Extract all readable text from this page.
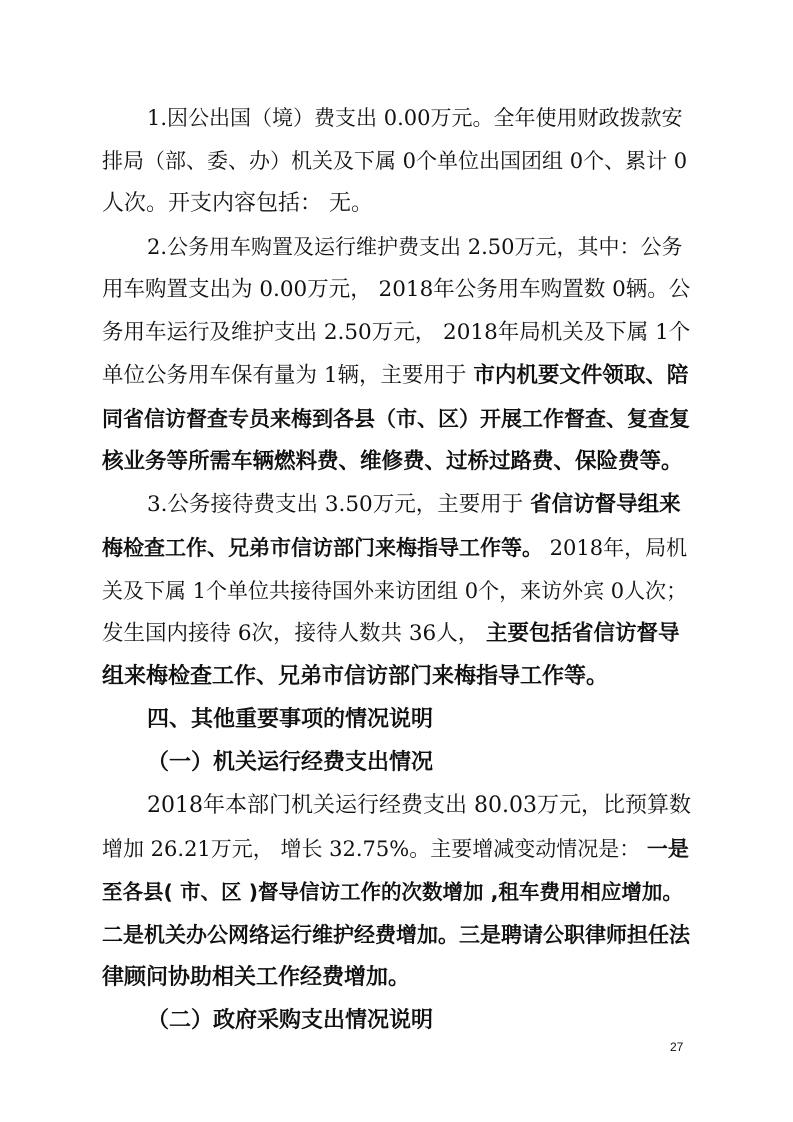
1.因公出国（境）费支出 0.00万元。全年使用财政拨款安
排局（部、委、办）机关及下属 0个单位出国团组 0个、累计 0
人次。开支内容包括： 无。
2.公务用车购置及运行维护费支出 2.50万元，其中：公务
用车购置支出为 0.00万元， 2018年公务用车购置数 0辆。公
务用车运行及维护支出 2.50万元， 2018年局机关及下属 1个
单位公务用车保有量为 1辆，主要用于 市内机要文件领取、陪
同省信访督查专员来梅到各县（市、区）开展工作督查、复查复
核业务等所需车辆燃料费、维修费、过桥过路费、保险费等。
3.公务接待费支出 3.50万元，主要用于 省信访督导组来
梅检查工作、兄弟市信访部门来梅指导工作等。 2018年，局机
关及下属 1个单位共接待国外来访团组 0个，来访外宾 0人次；
发生国内接待 6次，接待人数共 36人， 主要包括省信访督导
组来梅检查工作、兄弟市信访部门来梅指导工作等。
四、其他重要事项的情况说明
（一）机关运行经费支出情况
2018年本部门机关运行经费支出 80.03万元，比预算数
增加 26.21万元， 增长 32.75%。主要增减变动情况是： 一是
至各县( 市、区 )督导信访工作的次数增加 ,租车费用相应增加。
二是机关办公网络运行维护经费增加。三是聘请公职律师担任法
律顾问协助相关工作经费增加。
（二）政府采购支出情况说明
27
